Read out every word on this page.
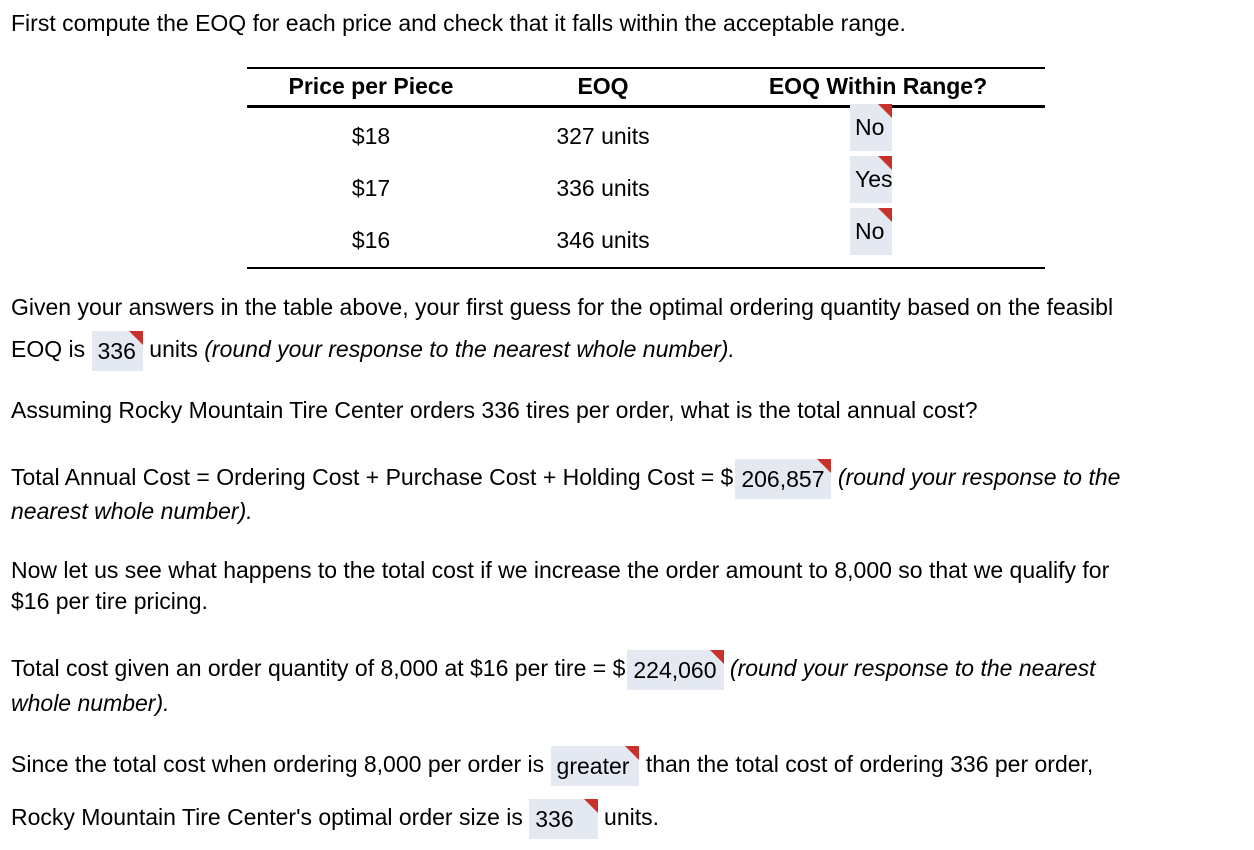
First compute the EOQ for each price and check that it falls within the acceptable range.
Price per Piece	EOQ	EOQ Within Range?
$18	327 units	No
$17	336 units	Yes
$16	346 units	No
Given your answers in the table above, your first guess for the optimal ordering quantity based on the feasibl
EOQ is 336 units (round your response to the nearest whole number).
Assuming Rocky Mountain Tire Center orders 336 tires per order, what is the total annual cost?
Total Annual Cost = Ordering Cost + Purchase Cost + Holding Cost = $ 206,857 (round your response to the
nearest whole number).
Now let us see what happens to the total cost if we increase the order amount to 8,000 so that we qualify for
$16 per tire pricing.
Total cost given an order quantity of 8,000 at $16 per tire = $ 224,060 (round your response to the nearest
whole number).
Since the total cost when ordering 8,000 per order is greater than the total cost of ordering 336 per order,
Rocky Mountain Tire Center's optimal order size is 336 units.
